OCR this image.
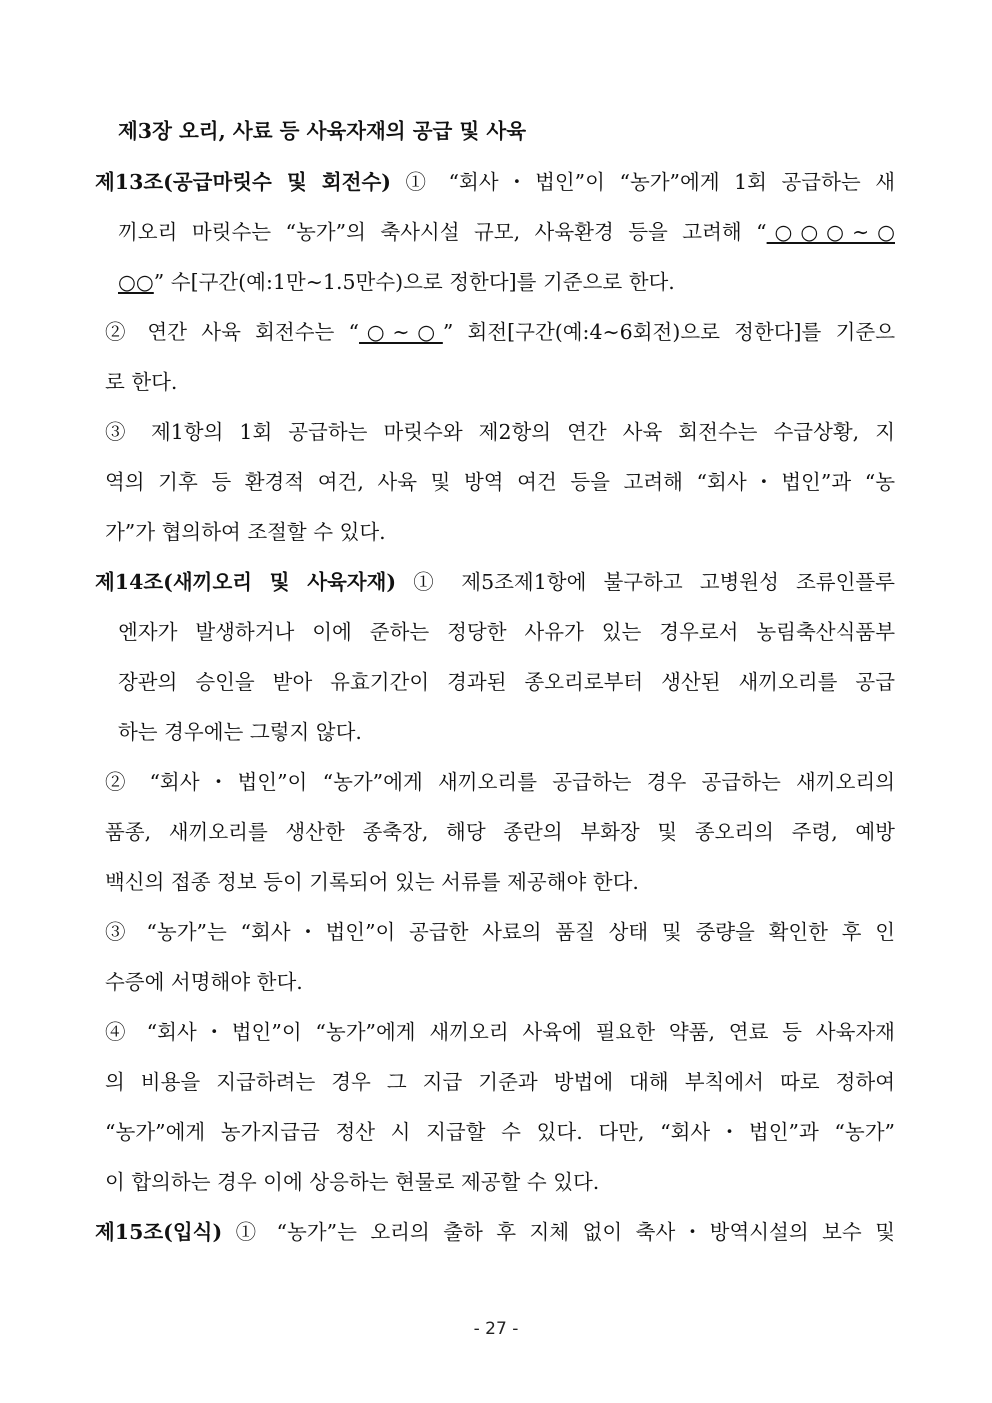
제3장 오리, 사료 등 사육자재의 공급 및 사육
제13조(공급마릿수 및 회전수) ① “회사・법인”이 “농가”에게 1회 공급하는 새
끼오리 마릿수는 “농가”의 축사시설 규모, 사육환경 등을 고려해 “○○○∼○
○○” 수[구간(예:1만∼1.5만수)으로 정한다]를 기준으로 한다.
② 연간 사육 회전수는 “○∼○” 회전[구간(예:4∼6회전)으로 정한다]를 기준으
로 한다.
③ 제1항의 1회 공급하는 마릿수와 제2항의 연간 사육 회전수는 수급상황, 지
역의 기후 등 환경적 여건, 사육 및 방역 여건 등을 고려해 “회사・법인”과 “농
가”가 협의하여 조절할 수 있다.
제14조(새끼오리 및 사육자재) ① 제5조제1항에 불구하고 고병원성 조류인플루
엔자가 발생하거나 이에 준하는 정당한 사유가 있는 경우로서 농림축산식품부
장관의 승인을 받아 유효기간이 경과된 종오리로부터 생산된 새끼오리를 공급
하는 경우에는 그렇지 않다.
② “회사・법인”이 “농가”에게 새끼오리를 공급하는 경우 공급하는 새끼오리의
품종, 새끼오리를 생산한 종축장, 해당 종란의 부화장 및 종오리의 주령, 예방
백신의 접종 정보 등이 기록되어 있는 서류를 제공해야 한다.
③ “농가”는 “회사・법인”이 공급한 사료의 품질 상태 및 중량을 확인한 후 인
수증에 서명해야 한다.
④ “회사・법인”이 “농가”에게 새끼오리 사육에 필요한 약품, 연료 등 사육자재
의 비용을 지급하려는 경우 그 지급 기준과 방법에 대해 부칙에서 따로 정하여
“농가”에게 농가지급금 정산 시 지급할 수 있다. 다만, “회사・법인”과 “농가”
이 합의하는 경우 이에 상응하는 현물로 제공할 수 있다.
제15조(입식) ① “농가”는 오리의 출하 후 지체 없이 축사・방역시설의 보수 및
- 27 -
